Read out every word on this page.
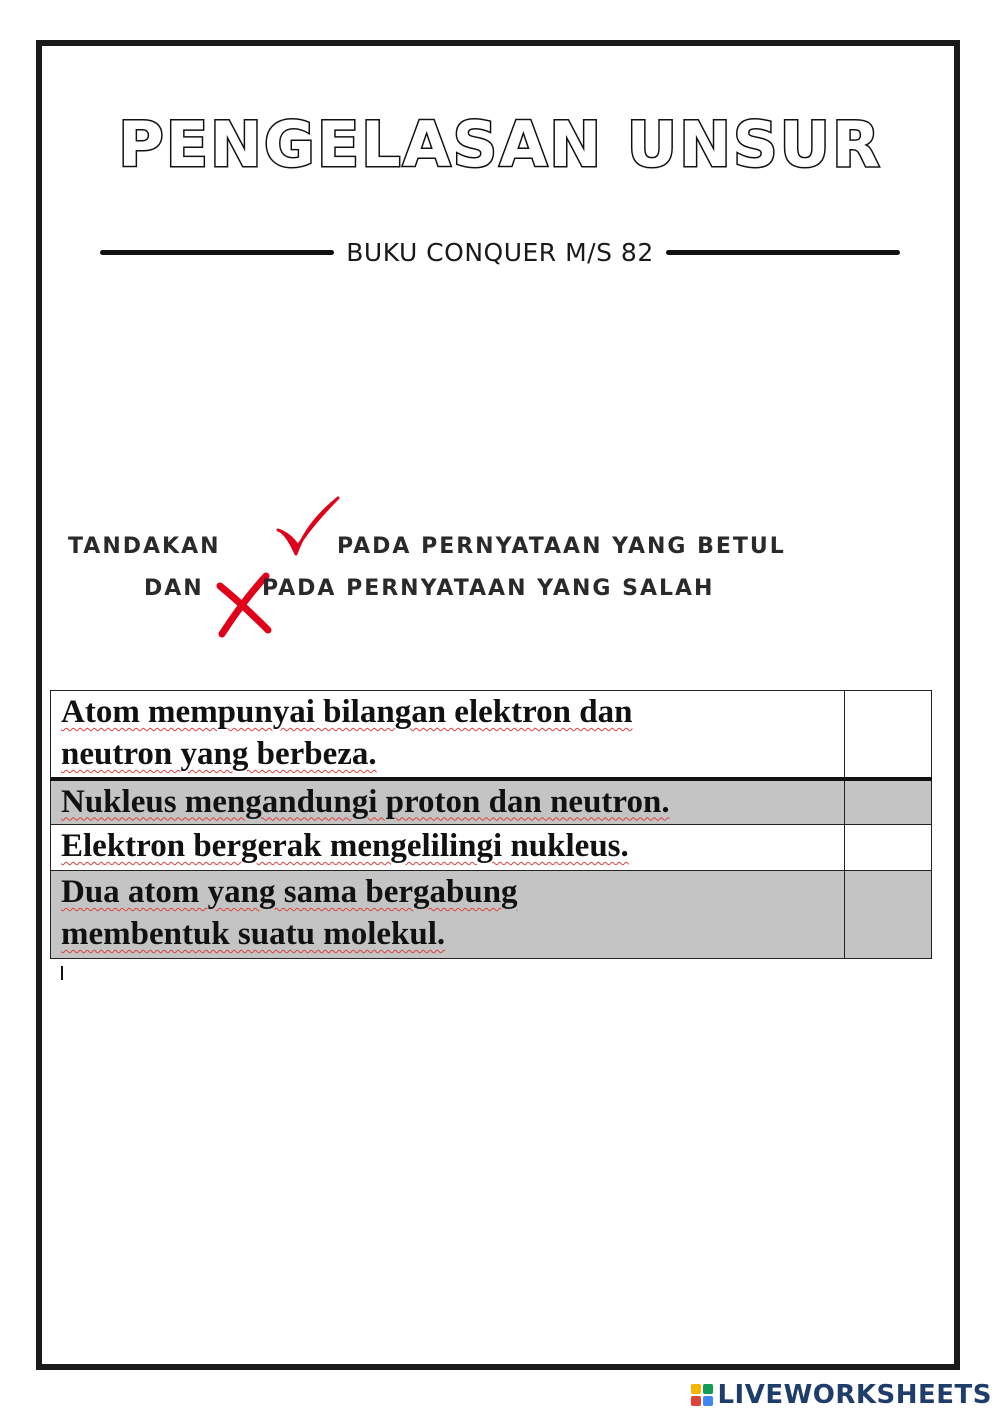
PENGELASAN UNSUR
BUKU CONQUER M/S 82
TANDAKAN	PADA PERNYATAAN YANG BETUL
DAN	PADA PERNYATAAN YANG SALAH
Atom mempunyai bilangan elektron dan
neutron yang berbeza.	
Nukleus mengandungi proton dan neutron.	
Elektron bergerak mengelilingi nukleus.	
Dua atom yang sama bergabung
membentuk suatu molekul.	
LIVEWORKSHEETS
